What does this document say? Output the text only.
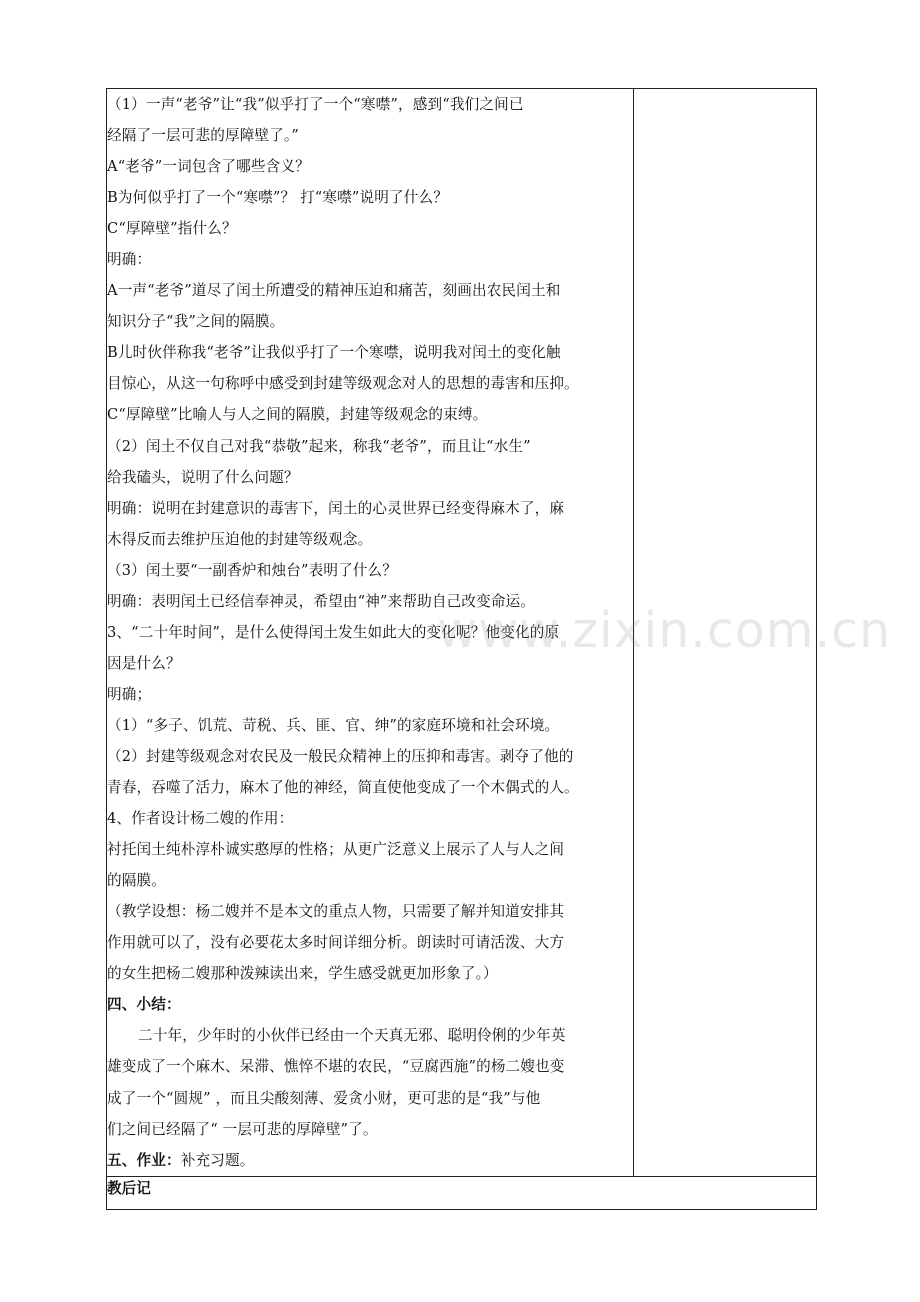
（1）一声“老爷”让“我”似乎打了一个“寒噤”，感到“我们之间已
经隔了一层可悲的厚障壁了。”
A“老爷”一词包含了哪些含义？
B为何似乎打了一个“寒噤”？ 打“寒噤”说明了什么？
C“厚障壁”指什么？
明确：
A一声“老爷”道尽了闰土所遭受的精神压迫和痛苦，刻画出农民闰土和
知识分子“我”之间的隔膜。
B儿时伙伴称我“老爷”让我似乎打了一个寒噤，说明我对闰土的变化触
目惊心，从这一句称呼中感受到封建等级观念对人的思想的毒害和压抑。
C“厚障壁”比喻人与人之间的隔膜，封建等级观念的束缚。
（2）闰土不仅自己对我“恭敬”起来，称我“老爷”，而且让“水生”
给我磕头，说明了什么问题？
明确：说明在封建意识的毒害下，闰土的心灵世界已经变得麻木了，麻
木得反而去维护压迫他的封建等级观念。
（3）闰土要“一副香炉和烛台”表明了什么？
明确：表明闰土已经信奉神灵，希望由“神”来帮助自己改变命运。
3、“二十年时间”，是什么使得闰土发生如此大的变化呢？他变化的原
因是什么？
明确；
（1）“多子、饥荒、苛税、兵、匪、官、绅”的家庭环境和社会环境。
（2）封建等级观念对农民及一般民众精神上的压抑和毒害。剥夺了他的
青春，吞噬了活力，麻木了他的神经，简直使他变成了一个木偶式的人。
4、作者设计杨二嫂的作用：
衬托闰土纯朴淳朴诚实憨厚的性格；从更广泛意义上展示了人与人之间
的隔膜。
（教学设想：杨二嫂并不是本文的重点人物，只需要了解并知道安排其
作用就可以了，没有必要花太多时间详细分析。朗读时可请活泼、大方
的女生把杨二嫂那种泼辣读出来，学生感受就更加形象了。）
四、小结：
二十年，少年时的小伙伴已经由一个天真无邪、聪明伶俐的少年英
雄变成了一个麻木、呆滞、憔悴不堪的农民，“豆腐西施”的杨二嫂也变
成了一个“圆规” ，而且尖酸刻薄、爱贪小财，更可悲的是“我”与他
们之间已经隔了“ 一层可悲的厚障壁”了。
五、作业：补充习题。

教后记
www.zixin.com.cn
